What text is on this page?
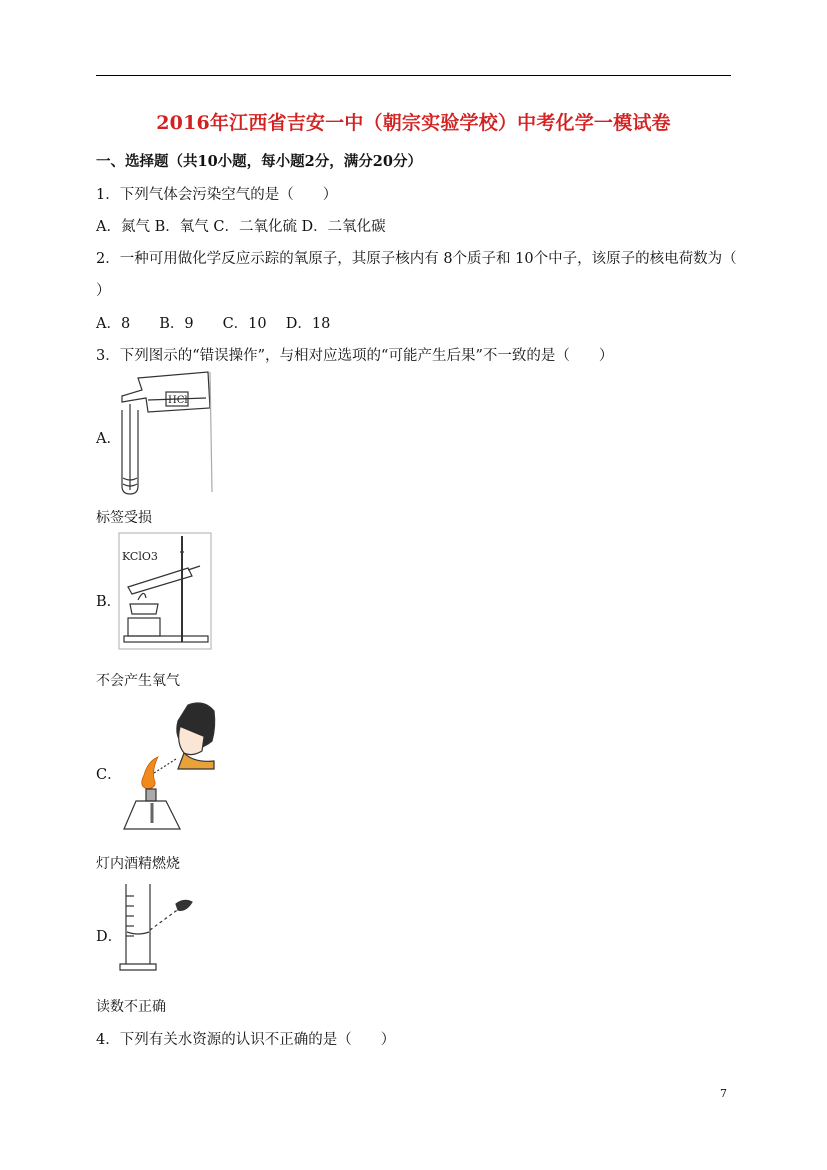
2016年江西省吉安一中（朝宗实验学校）中考化学一模试卷
一、选择题（共10小题，每小题2分，满分20分）
1．下列气体会污染空气的是（　　）
A．氮气 B．氧气 C．二氧化硫 D．二氧化碳
2．一种可用做化学反应示踪的氧原子，其原子核内有 8个质子和 10个中子，该原子的核电荷数为（
）
A．8　　B．9　　C．10　 D．18
3．下列图示的“错误操作”，与相对应选项的“可能产生后果”不一致的是（　　）
A．
HCl
标签受损
B．
KClO3
不会产生氧气
C．
灯内酒精燃烧
D．
读数不正确
4．下列有关水资源的认识不正确的是（　　）
7
